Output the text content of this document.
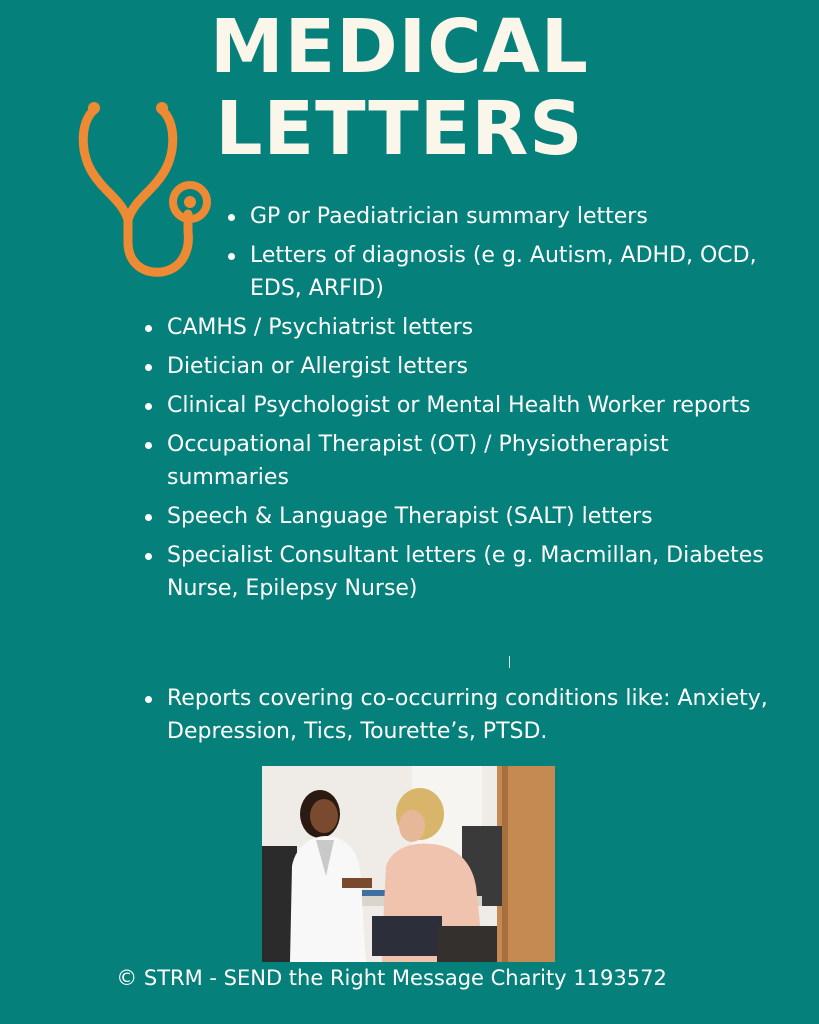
MEDICAL
LETTERS
GP or Paediatrician summary letters
Letters of diagnosis (e g. Autism, ADHD, OCD, EDS, ARFID)
CAMHS / Psychiatrist letters
Dietician or Allergist letters
Clinical Psychologist or Mental Health Worker reports
Occupational Therapist (OT) / Physiotherapist summaries
Speech & Language Therapist (SALT) letters
Specialist Consultant letters (e g. Macmillan, Diabetes Nurse, Epilepsy Nurse)
Reports covering co-occurring conditions like: Anxiety, Depression, Tics, Tourette’s, PTSD.
© STRM - SEND the Right Message Charity 1193572
